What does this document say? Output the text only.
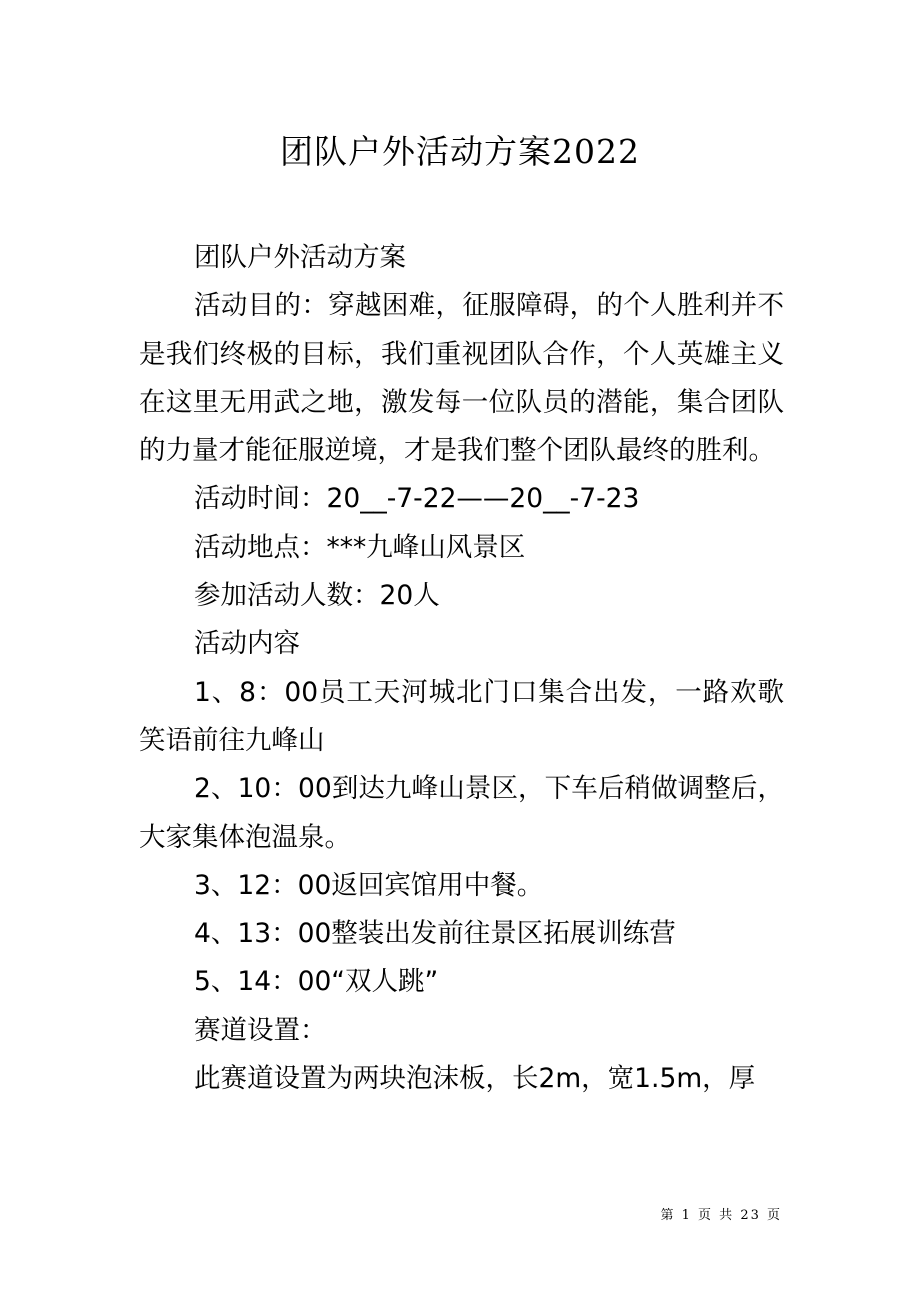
团队户外活动方案2022

团队户外活动方案

活动目的：穿越困难，征服障碍，的个人胜利并不是我们终极的目标，我们重视团队合作，个人英雄主义在这里无用武之地，激发每一位队员的潜能，集合团队的力量才能征服逆境，才是我们整个团队最终的胜利。

活动时间：20__-7-22——20__-7-23

活动地点：***九峰山风景区

参加活动人数：20人

活动内容

1、8：00员工天河城北门口集合出发，一路欢歌笑语前往九峰山

2、10：00到达九峰山景区，下车后稍做调整后，大家集体泡温泉。

3、12：00返回宾馆用中餐。

4、13：00整装出发前往景区拓展训练营

5、14：00“双人跳”

赛道设置：

此赛道设置为两块泡沫板，长2m，宽1.5m，厚

第 1 页 共 23 页
